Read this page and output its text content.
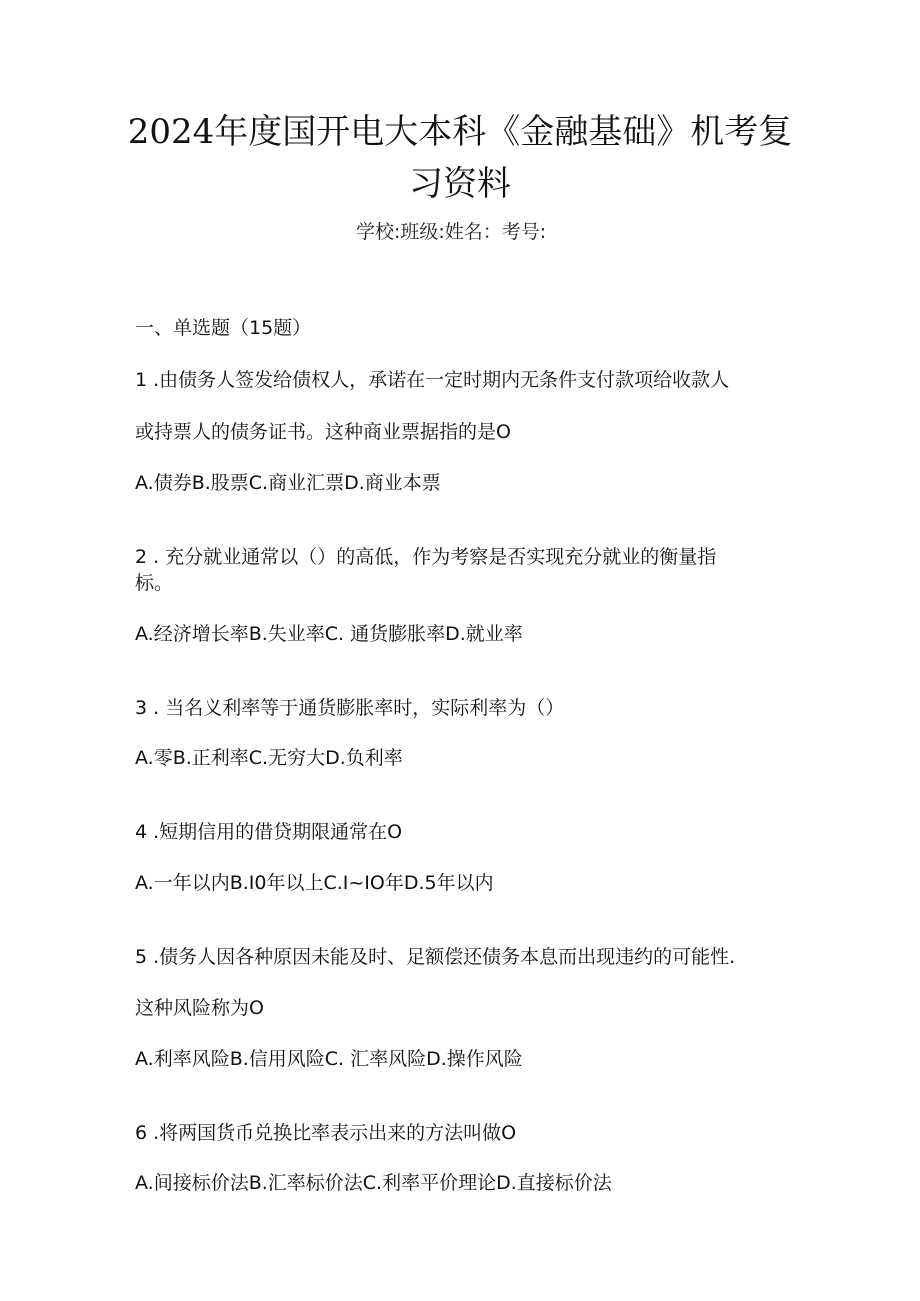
2024年度国开电大本科《金融基础》机考复
习资料
学校:班级:姓名：考号:
一、单选题（15题）
1 .由债务人签发给债权人，承诺在一定时期内无条件支付款项给收款人
或持票人的债务证书。这种商业票据指的是O
A.债券B.股票C.商业汇票D.商业本票
2 . 充分就业通常以（）的高低，作为考察是否实现充分就业的衡量指
标。
A.经济增长率B.失业率C. 通货膨胀率D.就业率
3 . 当名义利率等于通货膨胀率时，实际利率为（）
A.零B.正利率C.无穷大D.负利率
4 .短期信用的借贷期限通常在O
A.一年以内B.I0年以上C.I~IO年D.5年以内
5 .债务人因各种原因未能及时、足额偿还债务本息而出现违约的可能性.
这种风险称为O
A.利率风险B.信用风险C. 汇率风险D.操作风险
6 .将两国货币兑换比率表示出来的方法叫做O
A.间接标价法B.汇率标价法C.利率平价理论D.直接标价法
